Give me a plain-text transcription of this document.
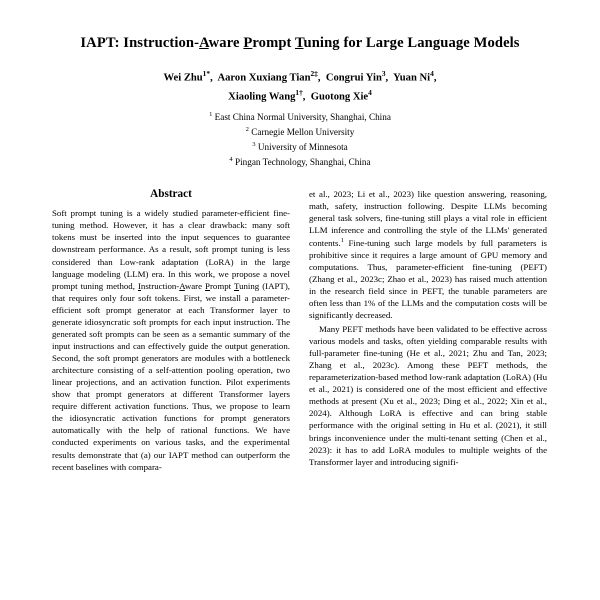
IAPT: Instruction-Aware Prompt Tuning for Large Language Models
Wei Zhu$^{1*}$,  Aaron Xuxiang Tian$^{2\ddagger}$,  Congrui Yin$^3$,  Yuan Ni$^4$,
Xiaoling Wang$^{1\dagger}$,  Guotong Xie$^4$
$^1$ East China Normal University, Shanghai, China
$^2$ Carnegie Mellon University
$^3$ University of Minnesota
$^4$ Pingan Technology, Shanghai, China
Abstract

Soft prompt tuning is a widely studied parameter-efficient fine-tuning method. However, it has a clear drawback: many soft tokens must be inserted into the input sequences to guarantee downstream performance. As a result, soft prompt tuning is less considered than Low-rank adaptation (LoRA) in the large language modeling (LLM) era. In this work, we propose a novel prompt tuning method, Instruction-Aware Prompt Tuning (IAPT), that requires only four soft tokens. First, we install a parameter-efficient soft prompt generator at each Transformer layer to generate idiosyncratic soft prompts for each input instruction. The generated soft prompts can be seen as a semantic summary of the input instructions and can effectively guide the output generation. Second, the soft prompt generators are modules with a bottleneck architecture consisting of a self-attention pooling operation, two linear projections, and an activation function. Pilot experiments show that prompt generators at different Transformer layers require different activation functions. Thus, we propose to learn the idiosyncratic activation functions for prompt generators automatically with the help of rational functions. We have conducted experiments on various tasks, and the experimental results demonstrate that (a) our IAPT method can outperform the recent baselines with compara-

et al., 2023; Li et al., 2023) like question answering, reasoning, math, safety, instruction following. Despite LLMs becoming general task solvers, fine-tuning still plays a vital role in efficient LLM inference and controlling the style of the LLMs' generated contents.$^1$ Fine-tuning such large models by full parameters is prohibitive since it requires a large amount of GPU memory and computations. Thus, parameter-efficient fine-tuning (PEFT) (Zhang et al., 2023c; Zhao et al., 2023) has raised much attention in the research field since in PEFT, the tunable parameters are often less than 1% of the LLMs and the computation costs will be significantly decreased.

Many PEFT methods have been validated to be effective across various models and tasks, often yielding comparable results with full-parameter fine-tuning (He et al., 2021; Zhu and Tan, 2023; Zhang et al., 2023c). Among these PEFT methods, the reparameterization-based method low-rank adaptation (LoRA) (Hu et al., 2021) is considered one of the most efficient and effective methods at present (Xu et al., 2023; Ding et al., 2022; Xin et al., 2024). Although LoRA is effective and can bring stable performance with the original setting in Hu et al. (2021), it still brings inconvenience under the multi-tenant setting (Chen et al., 2023): it has to add LoRA modules to multiple weights of the Transformer layer and introducing signifi-
